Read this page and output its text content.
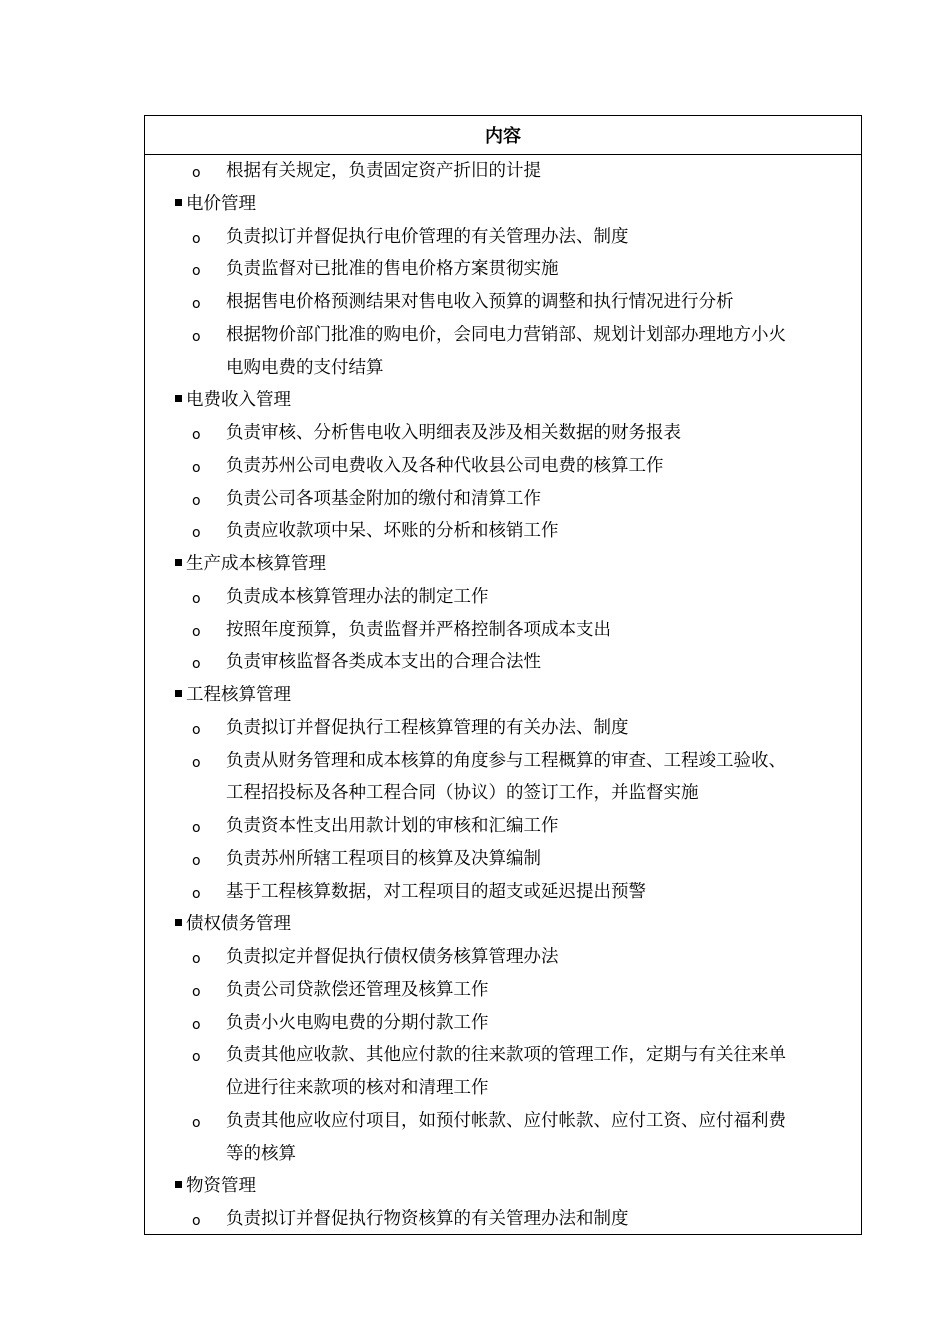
内容
ο 根据有关规定，负责固定资产折旧的计提
电价管理
ο 负责拟订并督促执行电价管理的有关管理办法、制度
ο 负责监督对已批准的售电价格方案贯彻实施
ο 根据售电价格预测结果对售电收入预算的调整和执行情况进行分析
ο 根据物价部门批准的购电价，会同电力营销部、规划计划部办理地方小火
电购电费的支付结算
电费收入管理
ο 负责审核、分析售电收入明细表及涉及相关数据的财务报表
ο 负责苏州公司电费收入及各种代收县公司电费的核算工作
ο 负责公司各项基金附加的缴付和清算工作
ο 负责应收款项中呆、坏账的分析和核销工作
生产成本核算管理
ο 负责成本核算管理办法的制定工作
ο 按照年度预算，负责监督并严格控制各项成本支出
ο 负责审核监督各类成本支出的合理合法性
工程核算管理
ο 负责拟订并督促执行工程核算管理的有关办法、制度
ο 负责从财务管理和成本核算的角度参与工程概算的审查、工程竣工验收、
工程招投标及各种工程合同（协议）的签订工作，并监督实施
ο 负责资本性支出用款计划的审核和汇编工作
ο 负责苏州所辖工程项目的核算及决算编制
ο 基于工程核算数据，对工程项目的超支或延迟提出预警
债权债务管理
ο 负责拟定并督促执行债权债务核算管理办法
ο 负责公司贷款偿还管理及核算工作
ο 负责小火电购电费的分期付款工作
ο 负责其他应收款、其他应付款的往来款项的管理工作，定期与有关往来单
位进行往来款项的核对和清理工作
ο 负责其他应收应付项目，如预付帐款、应付帐款、应付工资、应付福利费
等的核算
物资管理
ο 负责拟订并督促执行物资核算的有关管理办法和制度
